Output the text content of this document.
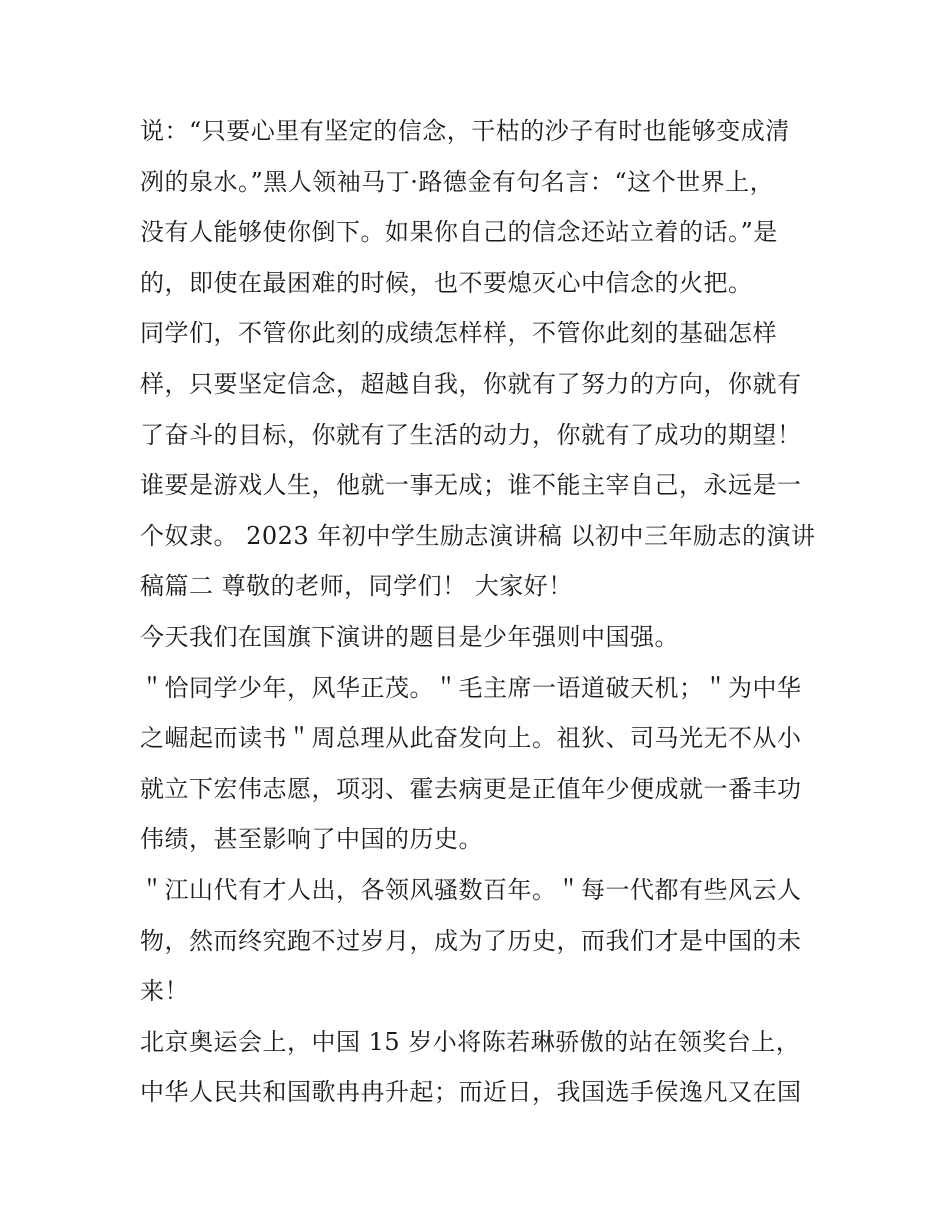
说：“只要心里有坚定的信念，干枯的沙子有时也能够变成清
冽的泉水。”黑人领袖马丁·路德金有句名言：“这个世界上，
没有人能够使你倒下。如果你自己的信念还站立着的话。”是
的，即使在最困难的时候，也不要熄灭心中信念的火把。
同学们，不管你此刻的成绩怎样样，不管你此刻的基础怎样
样，只要坚定信念，超越自我，你就有了努力的方向，你就有
了奋斗的目标，你就有了生活的动力，你就有了成功的期望！
谁要是游戏人生，他就一事无成；谁不能主宰自己，永远是一
个奴隶。 2023 年初中学生励志演讲稿 以初中三年励志的演讲
稿篇二 尊敬的老师，同学们！ 大家好！
今天我们在国旗下演讲的题目是少年强则中国强。
＂恰同学少年，风华正茂。＂毛主席一语道破天机；＂为中华
之崛起而读书＂周总理从此奋发向上。祖狄、司马光无不从小
就立下宏伟志愿，项羽、霍去病更是正值年少便成就一番丰功
伟绩，甚至影响了中国的历史。
＂江山代有才人出，各领风骚数百年。＂每一代都有些风云人
物，然而终究跑不过岁月，成为了历史，而我们才是中国的未
来！
北京奥运会上，中国 15 岁小将陈若琳骄傲的站在领奖台上，
中华人民共和国歌冉冉升起；而近日，我国选手侯逸凡又在国
